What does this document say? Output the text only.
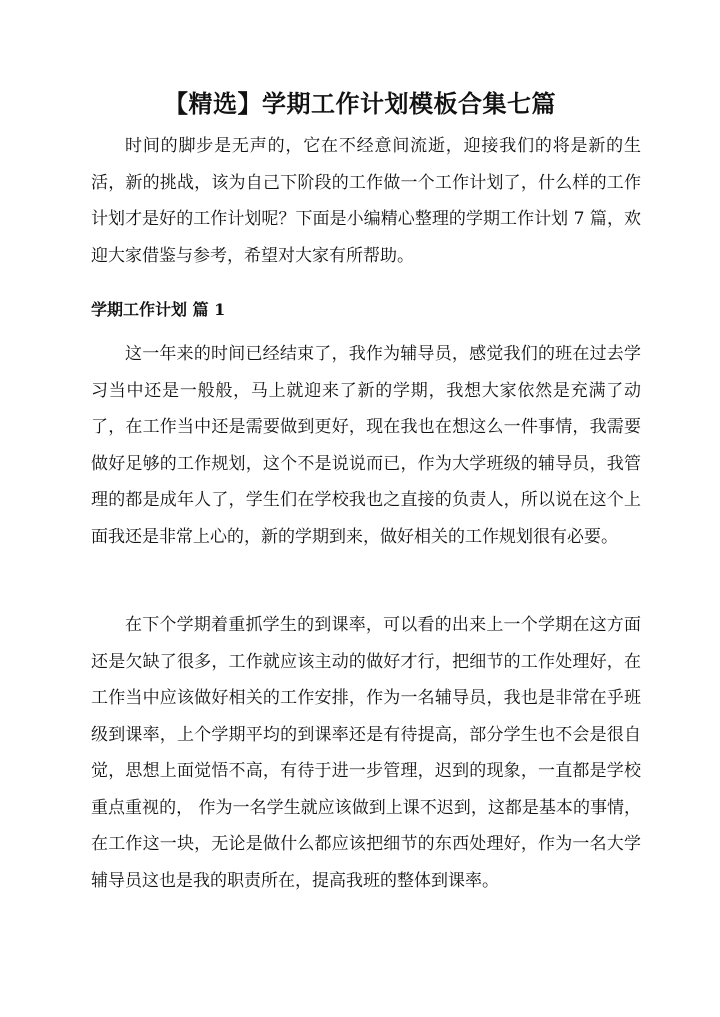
【精选】学期工作计划模板合集七篇

时间的脚步是无声的，它在不经意间流逝，迎接我们的将是新的生活，新的挑战，该为自己下阶段的工作做一个工作计划了，什么样的工作计划才是好的工作计划呢？下面是小编精心整理的学期工作计划 7 篇，欢迎大家借鉴与参考，希望对大家有所帮助。

学期工作计划 篇 1

这一年来的时间已经结束了，我作为辅导员，感觉我们的班在过去学习当中还是一般般，马上就迎来了新的学期，我想大家依然是充满了动了，在工作当中还是需要做到更好，现在我也在想这么一件事情，我需要做好足够的工作规划，这个不是说说而已，作为大学班级的辅导员，我管理的都是成年人了，学生们在学校我也之直接的负责人，所以说在这个上面我还是非常上心的，新的学期到来，做好相关的工作规划很有必要。

在下个学期着重抓学生的到课率，可以看的出来上一个学期在这方面还是欠缺了很多，工作就应该主动的做好才行，把细节的工作处理好，在工作当中应该做好相关的工作安排，作为一名辅导员，我也是非常在乎班级到课率，上个学期平均的到课率还是有待提高，部分学生也不会是很自觉，思想上面觉悟不高，有待于进一步管理，迟到的现象，一直都是学校重点重视的， 作为一名学生就应该做到上课不迟到，这都是基本的事情，在工作这一块，无论是做什么都应该把细节的东西处理好，作为一名大学辅导员这也是我的职责所在，提高我班的整体到课率。
